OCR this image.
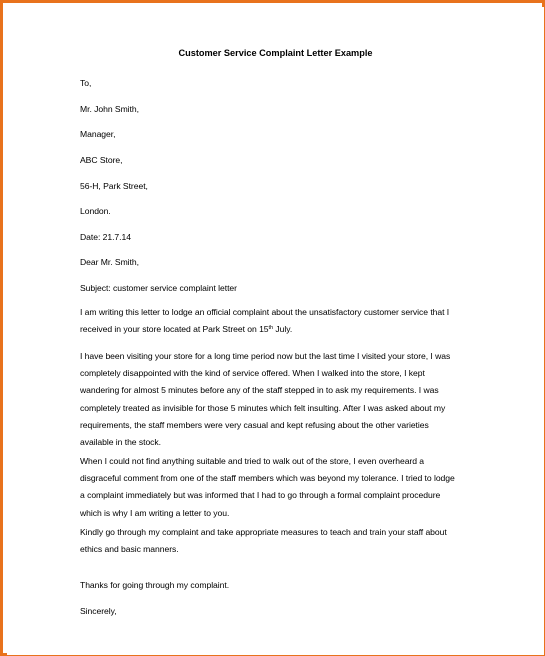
Customer Service Complaint Letter Example
To,
Mr. John Smith,
Manager,
ABC Store,
56-H, Park Street,
London.
Date: 21.7.14
Dear Mr. Smith,
Subject: customer service complaint letter
I am writing this letter to lodge an official complaint about the unsatisfactory customer service that I
received in your store located at Park Street on 15th July.
I have been visiting your store for a long time period now but the last time I visited your store, I was
completely disappointed with the kind of service offered. When I walked into the store, I kept
wandering for almost 5 minutes before any of the staff stepped in to ask my requirements. I was
completely treated as invisible for those 5 minutes which felt insulting. After I was asked about my
requirements, the staff members were very casual and kept refusing about the other varieties
available in the stock.
When I could not find anything suitable and tried to walk out of the store, I even overheard a
disgraceful comment from one of the staff members which was beyond my tolerance. I tried to lodge
a complaint immediately but was informed that I had to go through a formal complaint procedure
which is why I am writing a letter to you.
Kindly go through my complaint and take appropriate measures to teach and train your staff about
ethics and basic manners.
Thanks for going through my complaint.
Sincerely,
